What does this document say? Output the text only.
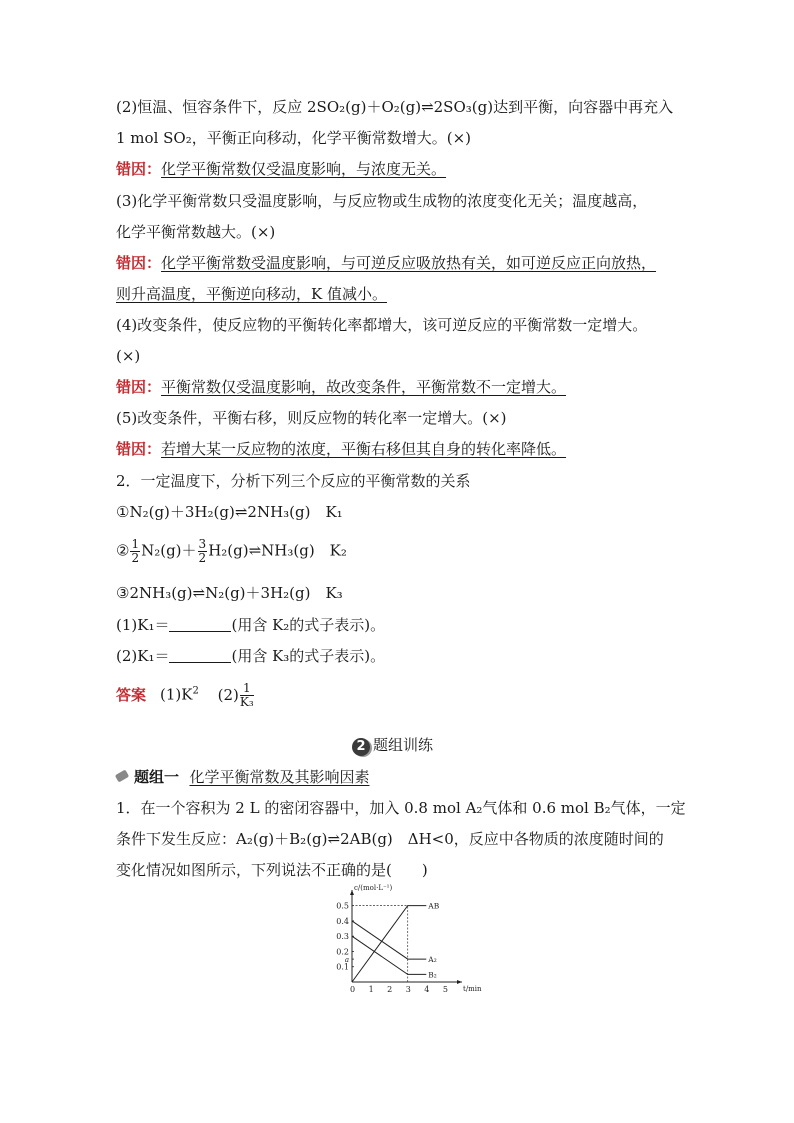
(2)恒温、恒容条件下，反应 2SO₂(g)＋O₂(g)⇌2SO₃(g)达到平衡，向容器中再充入
1 mol SO₂，平衡正向移动，化学平衡常数增大。(×)
错因：化学平衡常数仅受温度影响，与浓度无关。
(3)化学平衡常数只受温度影响，与反应物或生成物的浓度变化无关；温度越高，
化学平衡常数越大。(×)
错因：化学平衡常数受温度影响，与可逆反应吸放热有关，如可逆反应正向放热，
则升高温度，平衡逆向移动，K 值减小。
(4)改变条件，使反应物的平衡转化率都增大，该可逆反应的平衡常数一定增大。
(×)
错因：平衡常数仅受温度影响，故改变条件，平衡常数不一定增大。
(5)改变条件，平衡右移，则反应物的转化率一定增大。(×)
错因：若增大某一反应物的浓度，平衡右移但其自身的转化率降低。
2．一定温度下，分析下列三个反应的平衡常数的关系
①N₂(g)＋3H₂(g)⇌2NH₃(g)　K₁
② $\frac{1}{2} N_2(g)+ \frac{3}{2}$ H₂(g)⇌NH₃(g)　K₂
③2NH₃(g)⇌N₂(g)＋3H₂(g)　K₃
(1)K₁＝	(用含 K₂的式子表示)。
(2)K₁＝	(用含 K₃的式子表示)。
答案 $(1)K^2$ $(2) \frac{1}{\text{K₃}}$
2 题组训练
题组一 化学平衡常数及其影响因素
1．在一个容积为 2 L 的密闭容器中，加入 0.8 mol A₂气体和 0.6 mol B₂气体，一定
条件下发生反应：A₂(g)＋B₂(g)⇌2AB(g)　ΔH<0，反应中各物质的浓度随时间的
变化情况如图所示，下列说法不正确的是(　　)
c/(mol·L⁻¹)
t/min
0 1 2 3 4 5
0.1
a
0.2
0.3
0.4
0.5	AB
A₂
B₂
